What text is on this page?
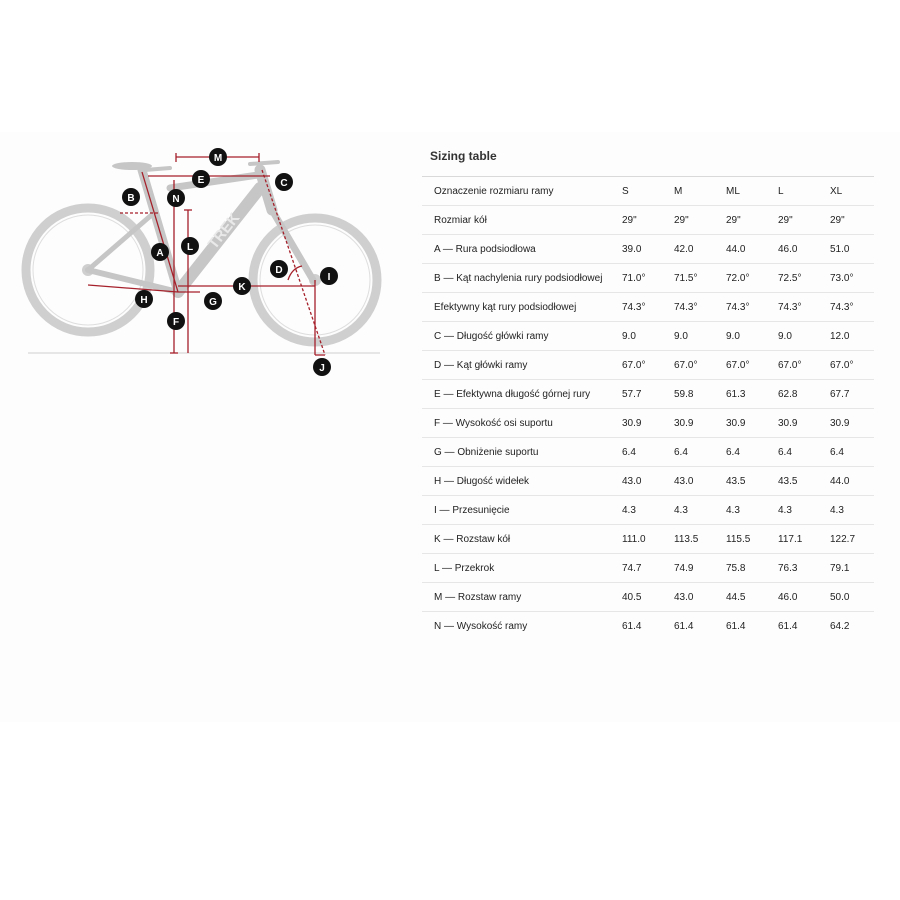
TREK
M
E	C
B	N
A
L
D
I
K
H	G
F
J
Sizing table
Oznaczenie rozmiaru ramy	S	M	ML	L	XL
Rozmiar kół	29"	29"	29"	29"	29"
A — Rura podsiodłowa	39.0	42.0	44.0	46.0	51.0
B — Kąt nachylenia rury podsiodłowej	71.0°	71.5°	72.0°	72.5°	73.0°
Efektywny kąt rury podsiodłowej	74.3°	74.3°	74.3°	74.3°	74.3°
C — Długość główki ramy	9.0	9.0	9.0	9.0	12.0
D — Kąt główki ramy	67.0°	67.0°	67.0°	67.0°	67.0°
E — Efektywna długość górnej rury	57.7	59.8	61.3	62.8	67.7
F — Wysokość osi suportu	30.9	30.9	30.9	30.9	30.9
G — Obniżenie suportu	6.4	6.4	6.4	6.4	6.4
H — Długość widełek	43.0	43.0	43.5	43.5	44.0
I — Przesunięcie	4.3	4.3	4.3	4.3	4.3
K — Rozstaw kół	111.0	113.5	115.5	117.1	122.7
L — Przekrok	74.7	74.9	75.8	76.3	79.1
M — Rozstaw ramy	40.5	43.0	44.5	46.0	50.0
N — Wysokość ramy	61.4	61.4	61.4	61.4	64.2
